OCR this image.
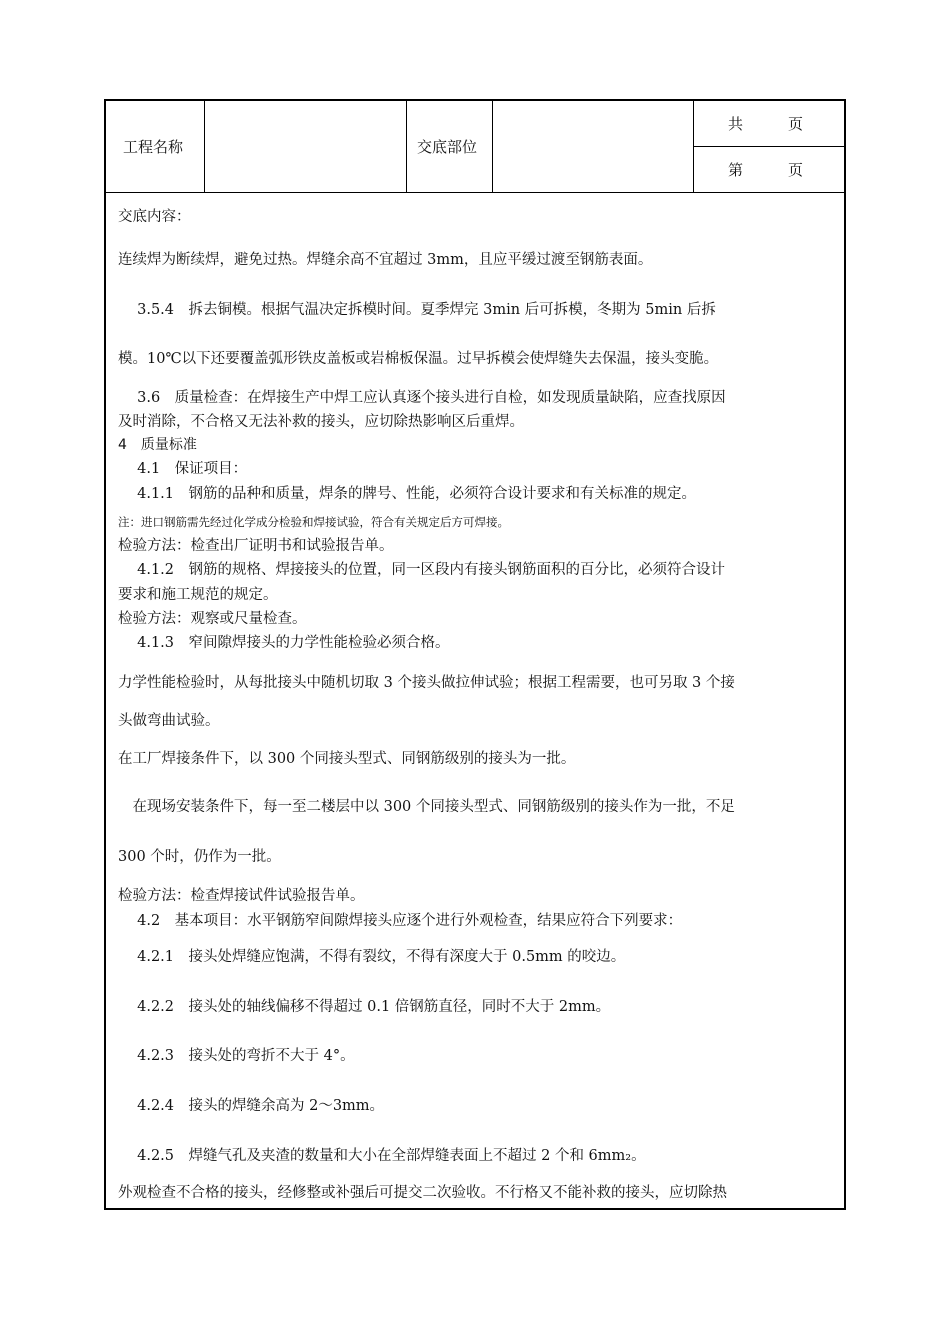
工程名称	交底部位
共　　　页
第　　　页
交底内容：
连续焊为断续焊，避免过热。焊缝余高不宜超过 3mm，且应平缓过渡至钢筋表面。
　 3.5.4　拆去铜模。根据气温决定拆模时间。夏季焊完 3min 后可拆模，冬期为 5min 后拆
模。10℃以下还要覆盖弧形铁皮盖板或岩棉板保温。过早拆模会使焊缝失去保温，接头变脆。
　 3.6　质量检查：在焊接生产中焊工应认真逐个接头进行自检，如发现质量缺陷，应查找原因
及时消除，不合格又无法补救的接头，应切除热影响区后重焊。
4　质量标准
　 4.1　保证项目：
　 4.1.1　钢筋的品种和质量，焊条的牌号、性能，必须符合设计要求和有关标准的规定。
注：进口钢筋需先经过化学成分检验和焊接试验，符合有关规定后方可焊接。
检验方法：检查出厂证明书和试验报告单。
　 4.1.2　钢筋的规格、焊接接头的位置，同一区段内有接头钢筋面积的百分比，必须符合设计
要求和施工规范的规定。
检验方法：观察或尺量检查。
　 4.1.3　窄间隙焊接头的力学性能检验必须合格。
力学性能检验时，从每批接头中随机切取 3 个接头做拉伸试验；根据工程需要，也可另取 3 个接
头做弯曲试验。
在工厂焊接条件下，以 300 个同接头型式、同钢筋级别的接头为一批。
　在现场安装条件下，每一至二楼层中以 300 个同接头型式、同钢筋级别的接头作为一批，不足
300 个时，仍作为一批。
检验方法：检查焊接试件试验报告单。
　 4.2　基本项目：水平钢筋窄间隙焊接头应逐个进行外观检查，结果应符合下列要求：
　 4.2.1　接头处焊缝应饱满，不得有裂纹，不得有深度大于 0.5mm 的咬边。
　 4.2.2　接头处的轴线偏移不得超过 0.1 倍钢筋直径，同时不大于 2mm。
　 4.2.3　接头处的弯折不大于 4°。
　 4.2.4　接头的焊缝余高为 2～3mm。
　 4.2.5　焊缝气孔及夹渣的数量和大小在全部焊缝表面上不超过 2 个和 6mm₂。
外观检查不合格的接头，经修整或补强后可提交二次验收。不行格又不能补救的接头，应切除热
